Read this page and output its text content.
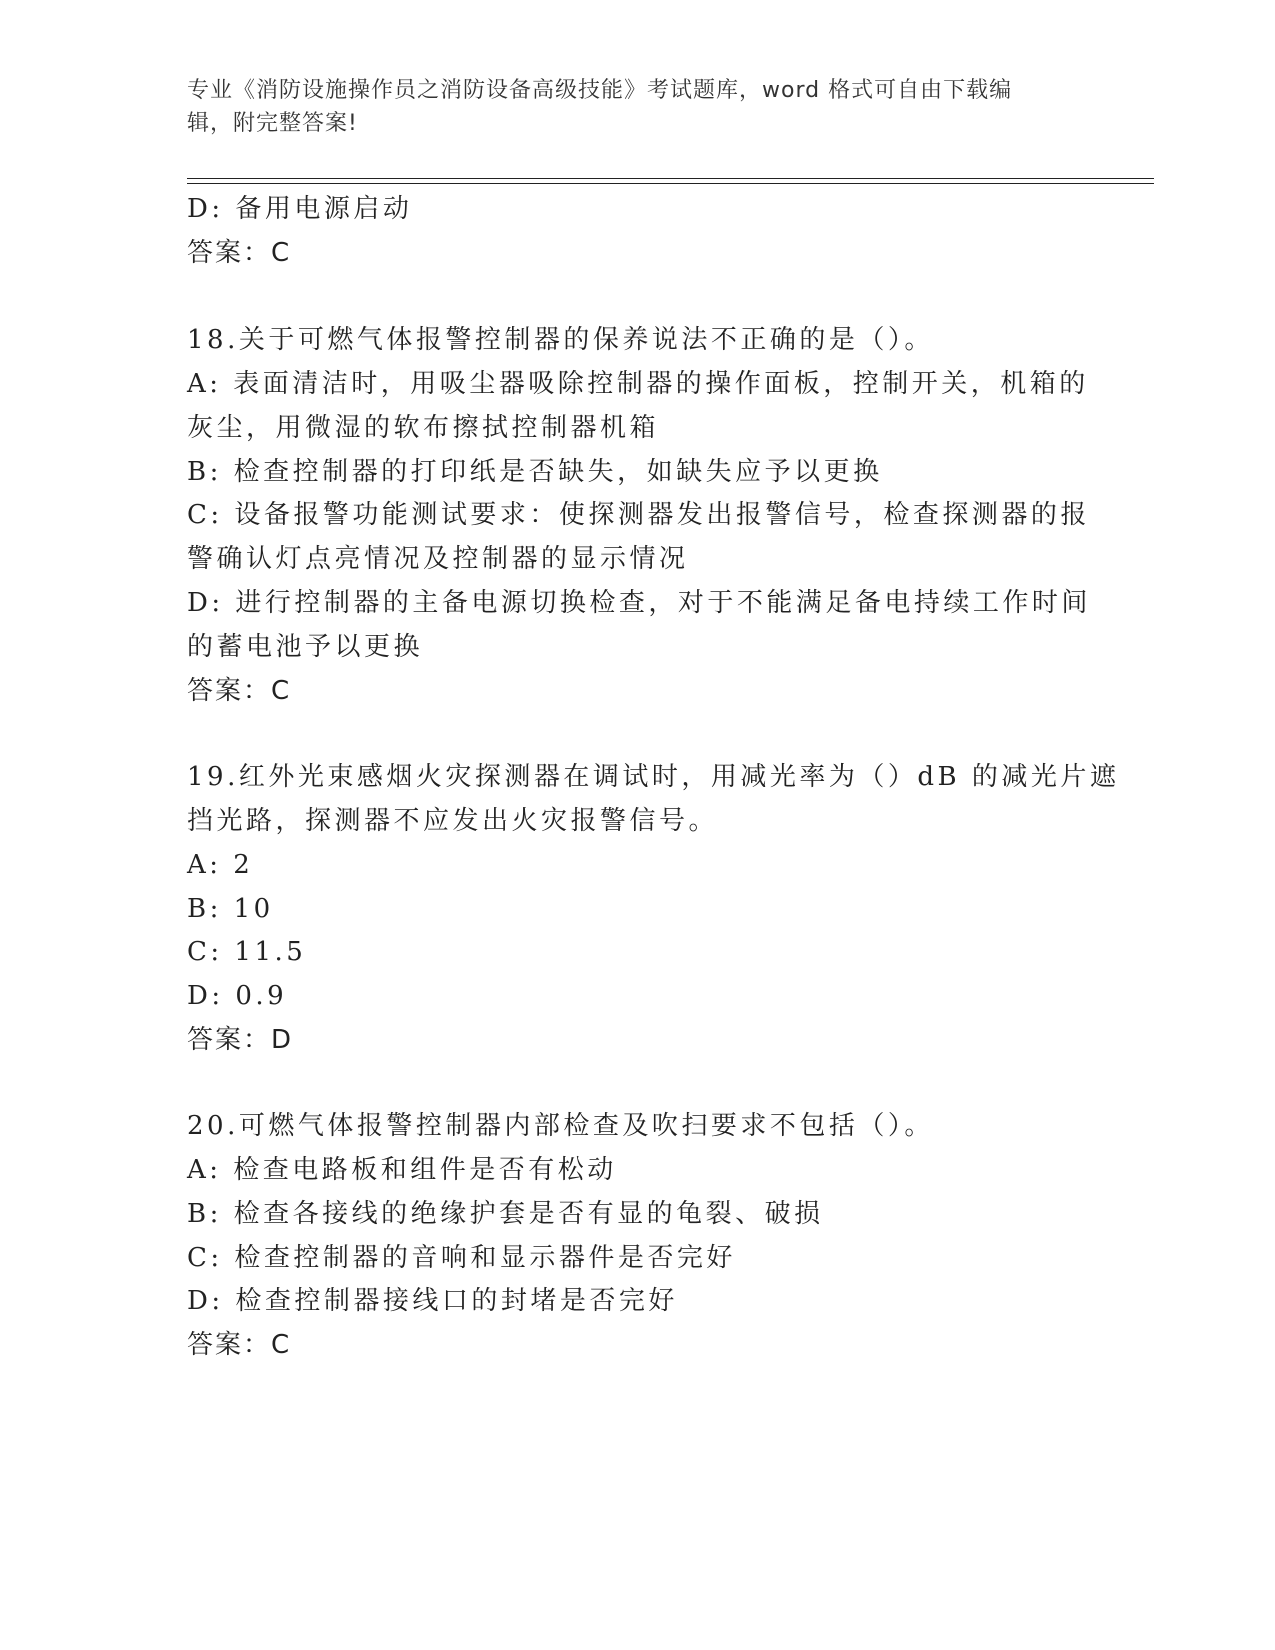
专业《消防设施操作员之消防设备高级技能》考试题库，word 格式可自由下载编
辑，附完整答案!
D: 备用电源启动
答案：C
18.关于可燃气体报警控制器的保养说法不正确的是（）。
A: 表面清洁时，用吸尘器吸除控制器的操作面板，控制开关，机箱的
灰尘，用微湿的软布擦拭控制器机箱
B: 检查控制器的打印纸是否缺失，如缺失应予以更换
C: 设备报警功能测试要求：使探测器发出报警信号，检查探测器的报
警确认灯点亮情况及控制器的显示情况
D: 进行控制器的主备电源切换检查，对于不能满足备电持续工作时间
的蓄电池予以更换
答案：C
19.红外光束感烟火灾探测器在调试时，用减光率为（）dB 的减光片遮
挡光路，探测器不应发出火灾报警信号。
A: 2
B: 10
C: 11.5
D: 0.9
答案：D
20.可燃气体报警控制器内部检查及吹扫要求不包括（）。
A: 检查电路板和组件是否有松动
B: 检查各接线的绝缘护套是否有显的龟裂、破损
C: 检查控制器的音响和显示器件是否完好
D: 检查控制器接线口的封堵是否完好
答案：C
